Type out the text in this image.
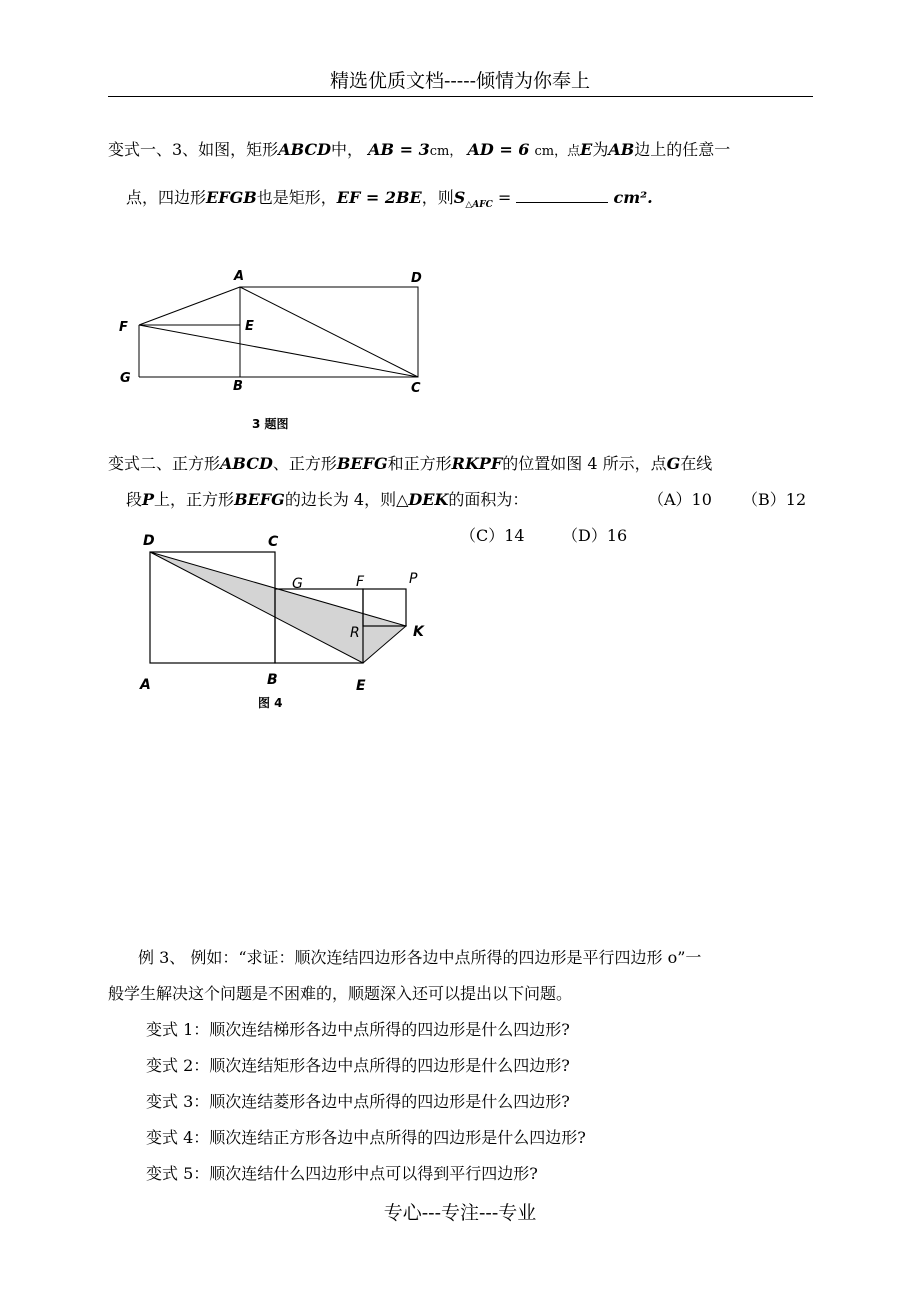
精选优质文档-----倾情为你奉上
变式一、3、如图，矩形ABCD中， AB = 3cm， AD = 6 cm，点E为AB边上的任意一
点，四边形EFGB也是矩形，EF = 2BE，则$S_{\triangle AFC}$ =	cm².
A	D
F	E
G
B	C
3 题图
变式二、正方形ABCD、正方形BEFG和正方形RKPF的位置如图 4 所示，点G在线
段P上，正方形BEFG的边长为 4，则△DEK的面积为：	（A）10 （B）12
（C）14 （D）16
D	C
G	F	P
R	K
A	B	E
图 4
例 3、 例如：“求证：顺次连结四边形各边中点所得的四边形是平行四边形 o”一
般学生解决这个问题是不困难的，顺题深入还可以提出以下问题。
变式 1：顺次连结梯形各边中点所得的四边形是什么四边形?
变式 2：顺次连结矩形各边中点所得的四边形是什么四边形?
变式 3：顺次连结菱形各边中点所得的四边形是什么四边形?
变式 4：顺次连结正方形各边中点所得的四边形是什么四边形?
变式 5：顺次连结什么四边形中点可以得到平行四边形?
专心---专注---专业
